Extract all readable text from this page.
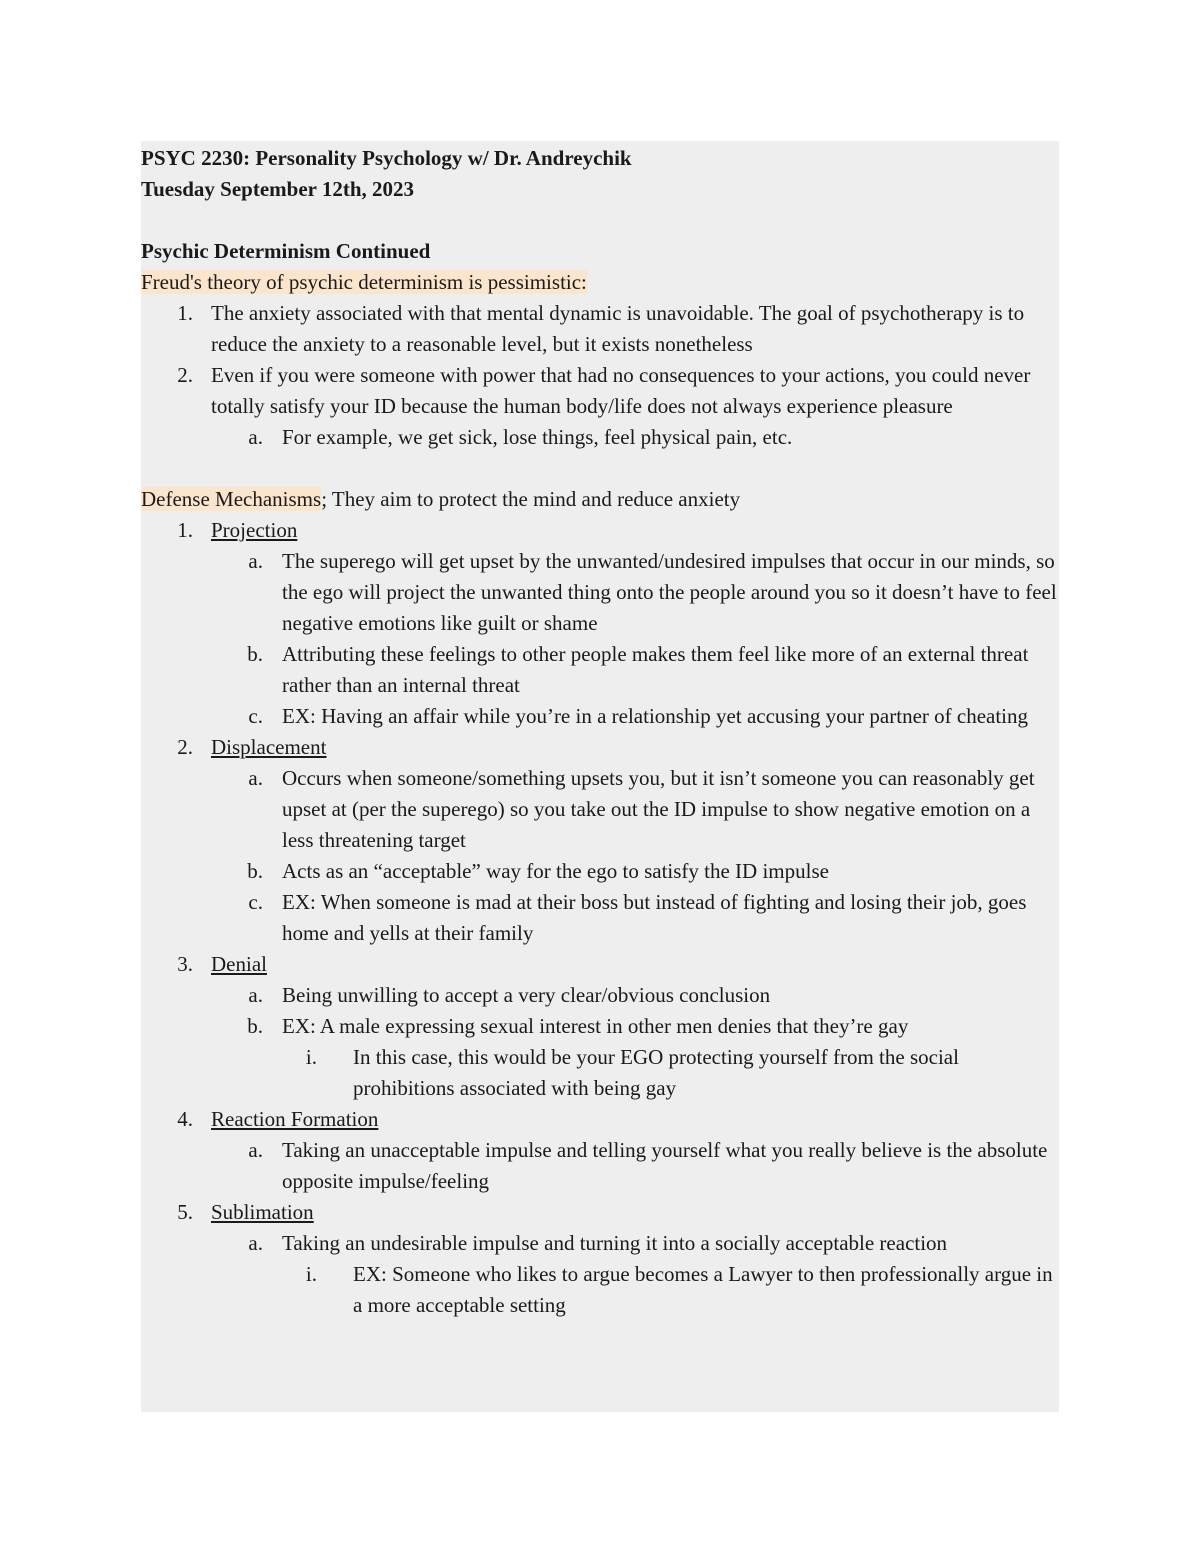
PSYC 2230: Personality Psychology w/ Dr. Andreychik
Tuesday September 12th, 2023
Psychic Determinism Continued
Freud's theory of psychic determinism is pessimistic:
1. The anxiety associated with that mental dynamic is unavoidable. The goal of psychotherapy is to reduce the anxiety to a reasonable level, but it exists nonetheless
2. Even if you were someone with power that had no consequences to your actions, you could never totally satisfy your ID because the human body/life does not always experience pleasure
a. For example, we get sick, lose things, feel physical pain, etc.
Defense Mechanisms; They aim to protect the mind and reduce anxiety
1. Projection
a. The superego will get upset by the unwanted/undesired impulses that occur in our minds, so the ego will project the unwanted thing onto the people around you so it doesn’t have to feel negative emotions like guilt or shame
b. Attributing these feelings to other people makes them feel like more of an external threat rather than an internal threat
c. EX: Having an affair while you’re in a relationship yet accusing your partner of cheating
2. Displacement
a. Occurs when someone/something upsets you, but it isn’t someone you can reasonably get upset at (per the superego) so you take out the ID impulse to show negative emotion on a less threatening target
b. Acts as an “acceptable” way for the ego to satisfy the ID impulse
c. EX: When someone is mad at their boss but instead of fighting and losing their job, goes home and yells at their family
3. Denial
a. Being unwilling to accept a very clear/obvious conclusion
b. EX: A male expressing sexual interest in other men denies that they’re gay
i.	In this case, this would be your EGO protecting yourself from the social prohibitions associated with being gay
4. Reaction Formation
a. Taking an unacceptable impulse and telling yourself what you really believe is the absolute opposite impulse/feeling
5. Sublimation
a. Taking an undesirable impulse and turning it into a socially acceptable reaction
i.	EX: Someone who likes to argue becomes a Lawyer to then professionally argue in a more acceptable setting
